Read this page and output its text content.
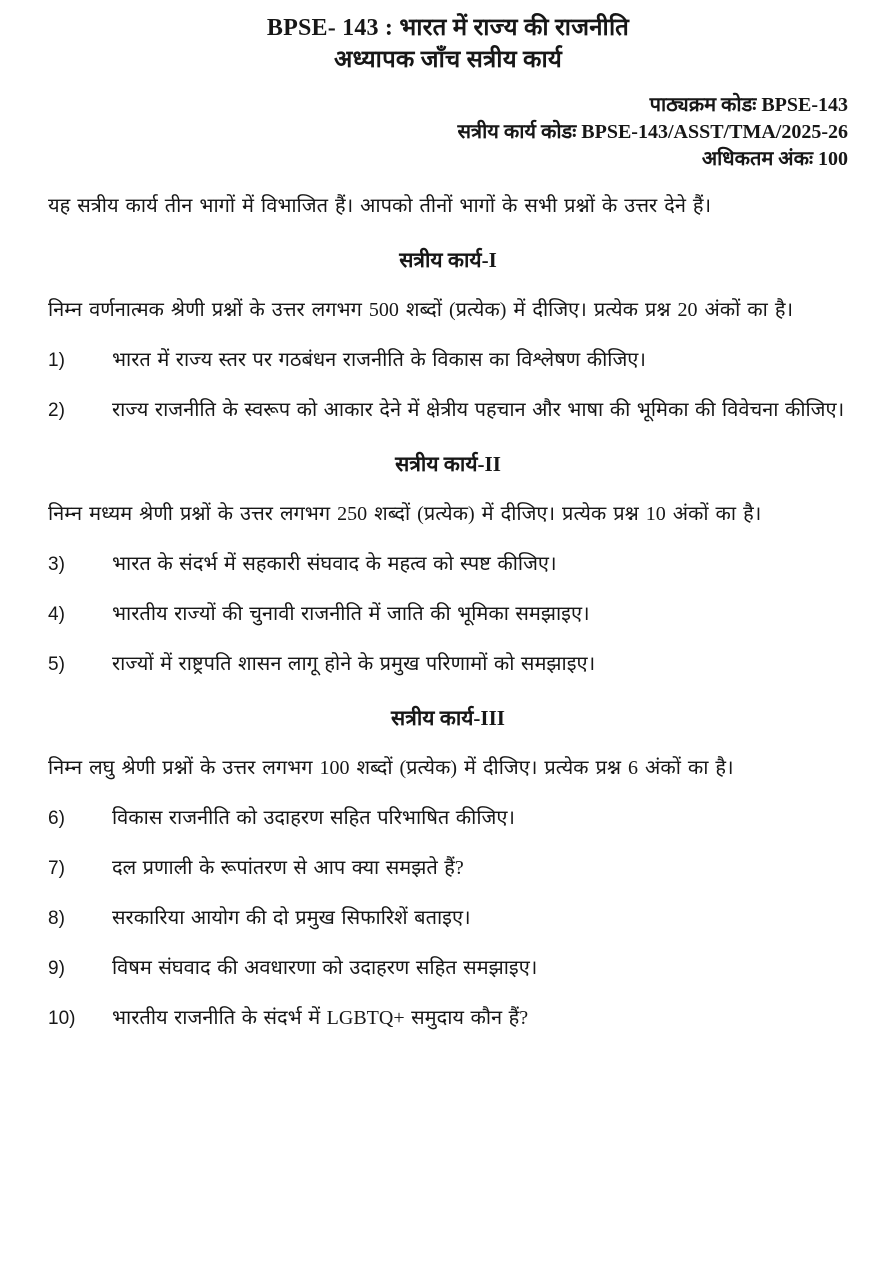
BPSE- 143 : भारत में राज्य की राजनीति
अध्यापक जाँच सत्रीय कार्य
पाठ्यक्रम कोडः BPSE-143
सत्रीय कार्य कोडः BPSE-143/ASST/TMA/2025-26
अधिकतम अंकः 100

यह सत्रीय कार्य तीन भागों में विभाजित हैं। आपको तीनों भागों के सभी प्रश्नों के उत्तर देने हैं।

सत्रीय कार्य-I

निम्न वर्णनात्मक श्रेणी प्रश्नों के उत्तर लगभग 500 शब्दों (प्रत्येक) में दीजिए। प्रत्येक प्रश्न 20 अंकों का है।

1)	भारत में राज्य स्तर पर गठबंधन राजनीति के विकास का विश्लेषण कीजिए।
2)	राज्य राजनीति के स्वरूप को आकार देने में क्षेत्रीय पहचान और भाषा की भूमिका की विवेचना कीजिए।
सत्रीय कार्य-II

निम्न मध्यम श्रेणी प्रश्नों के उत्तर लगभग 250 शब्दों (प्रत्येक) में दीजिए। प्रत्येक प्रश्न 10 अंकों का है।

3)	भारत के संदर्भ में सहकारी संघवाद के महत्व को स्पष्ट कीजिए।
4)	भारतीय राज्यों की चुनावी राजनीति में जाति की भूमिका समझाइए।
5)	राज्यों में राष्ट्रपति शासन लागू होने के प्रमुख परिणामों को समझाइए।
सत्रीय कार्य-III

निम्न लघु श्रेणी प्रश्नों के उत्तर लगभग 100 शब्दों (प्रत्येक) में दीजिए। प्रत्येक प्रश्न 6 अंकों का है।

6)	विकास राजनीति को उदाहरण सहित परिभाषित कीजिए।
7)	दल प्रणाली के रूपांतरण से आप क्या समझते हैं?
8)	सरकारिया आयोग की दो प्रमुख सिफारिशें बताइए।
9)	विषम संघवाद की अवधारणा को उदाहरण सहित समझाइए।
10)	भारतीय राजनीति के संदर्भ में LGBTQ+ समुदाय कौन हैं?
